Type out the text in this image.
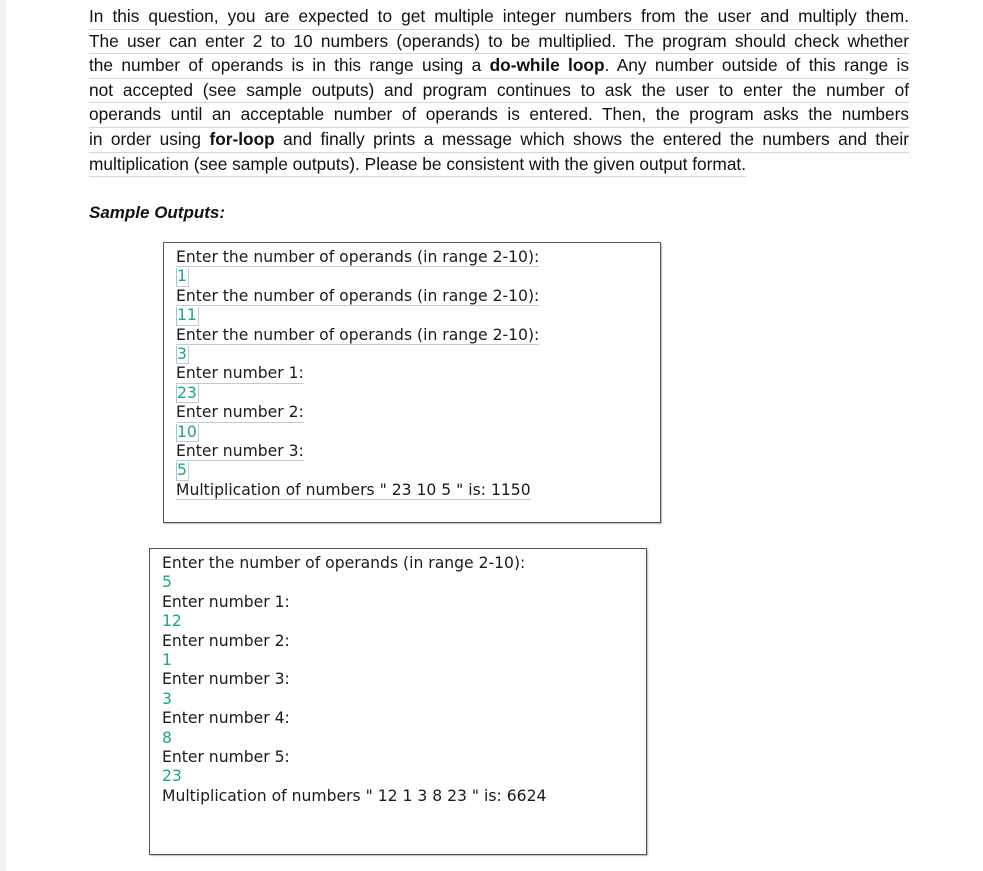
In this question, you are expected to get multiple integer numbers from the user and multiply them.
The user can enter 2 to 10 numbers (operands) to be multiplied. The program should check whether
the number of operands is in this range using a do-while loop. Any number outside of this range is
not accepted (see sample outputs) and program continues to ask the user to enter the number of
operands until an acceptable number of operands is entered. Then, the program asks the numbers
in order using for-loop and finally prints a message which shows the entered the numbers and their
multiplication (see sample outputs). Please be consistent with the given output format.
Sample Outputs:
Enter the number of operands (in range 2-10):
1
Enter the number of operands (in range 2-10):
11
Enter the number of operands (in range 2-10):
3
Enter number 1:
23
Enter number 2:
10
Enter number 3:
5
Multiplication of numbers " 23 10 5 " is: 1150
Enter the number of operands (in range 2-10):
5
Enter number 1:
12
Enter number 2:
1
Enter number 3:
3
Enter number 4:
8
Enter number 5:
23
Multiplication of numbers " 12 1 3 8 23 " is: 6624
